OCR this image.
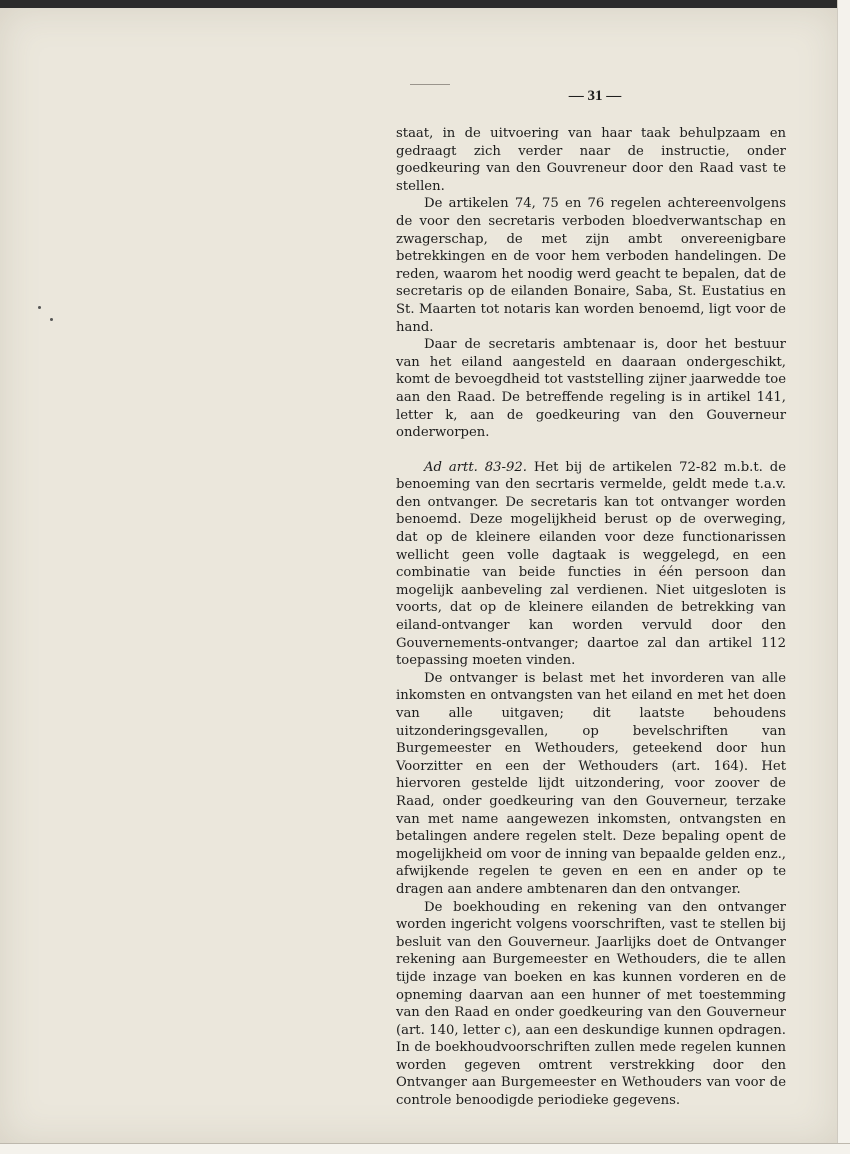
— 31 —

staat, in de uitvoering van haar taak behulpzaam en gedraagt zich verder naar de instructie, onder goedkeuring van den Gouvreneur door den Raad vast te stellen.

De artikelen 74, 75 en 76 regelen achtereenvolgens de voor den secretaris verboden bloedverwantschap en zwagerschap, de met zijn ambt onvereenigbare betrekkingen en de voor hem verboden handelingen. De reden, waarom het noodig werd geacht te bepalen, dat de secretaris op de eilanden Bonaire, Saba, St. Eustatius en St. Maarten tot notaris kan worden benoemd, ligt voor de hand.

Daar de secretaris ambtenaar is, door het bestuur van het eiland aangesteld en daaraan ondergeschikt, komt de bevoegdheid tot vaststelling zijner jaarwedde toe aan den Raad. De betreffende regeling is in artikel 141, letter k, aan de goedkeuring van den Gouverneur onderworpen.

Ad artt. 83-92. Het bij de artikelen 72-82 m.b.t. de benoeming van den secrtaris vermelde, geldt mede t.a.v. den ontvanger. De secretaris kan tot ontvanger worden benoemd. Deze mogelijkheid berust op de overweging, dat op de kleinere eilanden voor deze functionarissen wellicht geen volle dagtaak is weggelegd, en een combinatie van beide functies in één persoon dan mogelijk aanbeveling zal verdienen. Niet uitgesloten is voorts, dat op de kleinere eilanden de betrekking van eiland-ontvanger kan worden vervuld door den Gouvernements-ontvanger; daartoe zal dan artikel 112 toepassing moeten vinden.

De ontvanger is belast met het invorderen van alle inkomsten en ontvangsten van het eiland en met het doen van alle uitgaven; dit laatste behoudens uitzonderingsgevallen, op bevelschriften van Burgemeester en Wethouders, geteekend door hun Voorzitter en een der Wethouders (art. 164). Het hiervoren gestelde lijdt uitzondering, voor zoover de Raad, onder goedkeuring van den Gouverneur, terzake van met name aangewezen inkomsten, ontvangsten en betalingen andere regelen stelt. Deze bepaling opent de mogelijkheid om voor de inning van bepaalde gelden enz., afwijkende regelen te geven en een en ander op te dragen aan andere ambtenaren dan den ontvanger.

De boekhouding en rekening van den ontvanger worden ingericht volgens voorschriften, vast te stellen bij besluit van den Gouverneur. Jaarlijks doet de Ontvanger rekening aan Burgemeester en Wethouders, die te allen tijde inzage van boeken en kas kunnen vorderen en de opneming daarvan aan een hunner of met toestemming van den Raad en onder goedkeuring van den Gouverneur (art. 140, letter c), aan een deskundige kunnen opdragen. In de boekhoudvoorschriften zullen mede regelen kunnen worden gegeven omtrent verstrekking door den Ontvanger aan Burgemeester en Wethouders van voor de controle benoodigde periodieke gegevens.
